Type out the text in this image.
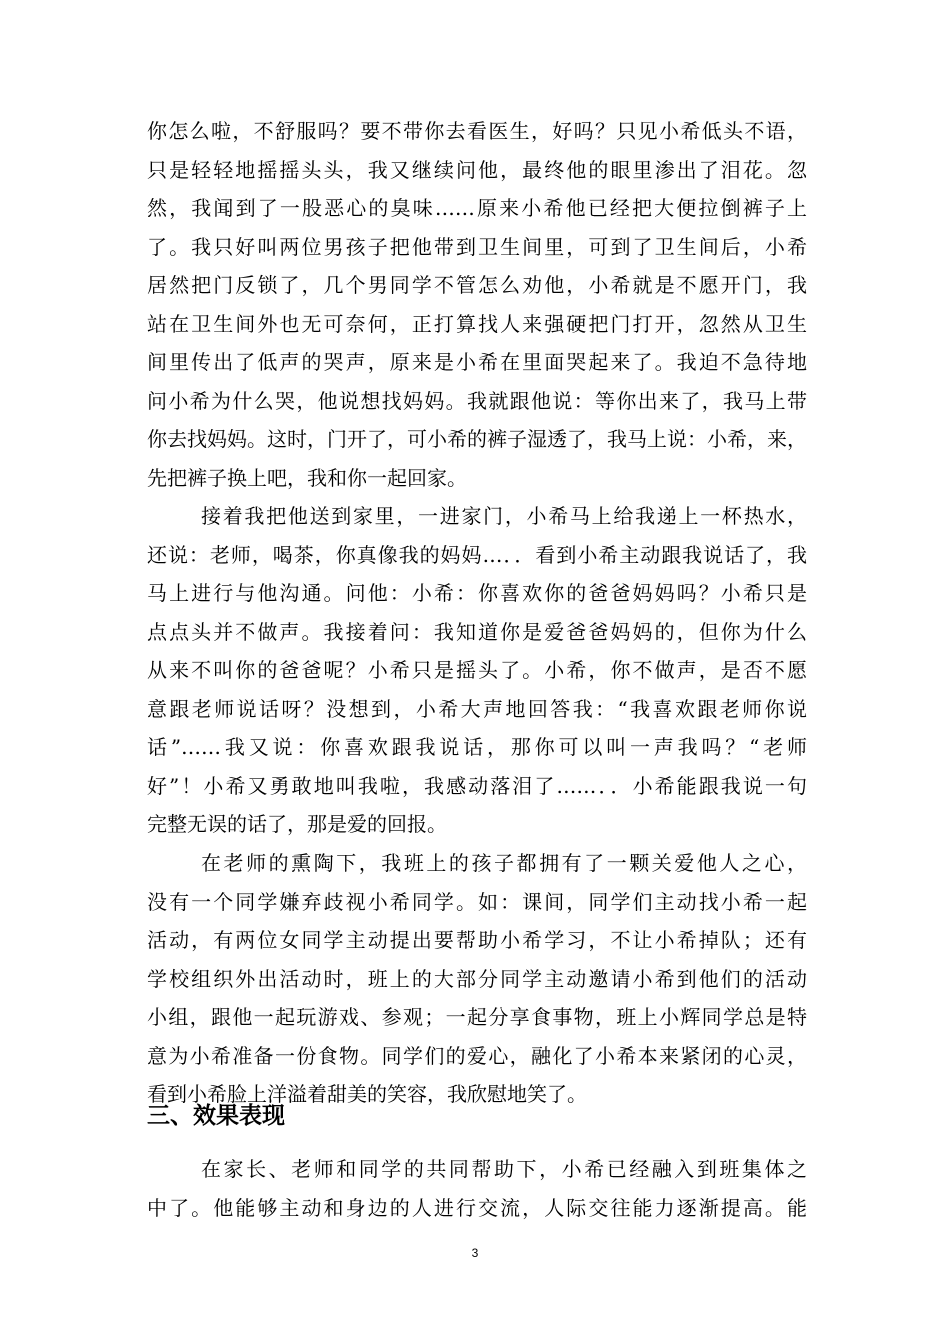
你怎么啦，不舒服吗？要不带你去看医生，好吗？只见小希低头不语，
只是轻轻地摇摇头头，我又继续问他，最终他的眼里渗出了泪花。忽
然，我闻到了一股恶心的臭味……原来小希他已经把大便拉倒裤子上
了。我只好叫两位男孩子把他带到卫生间里，可到了卫生间后，小希
居然把门反锁了，几个男同学不管怎么劝他，小希就是不愿开门，我
站在卫生间外也无可奈何，正打算找人来强硬把门打开，忽然从卫生
间里传出了低声的哭声，原来是小希在里面哭起来了。我迫不急待地
问小希为什么哭，他说想找妈妈。我就跟他说：等你出来了，我马上带
你去找妈妈。这时，门开了，可小希的裤子湿透了，我马上说：小希，来，
先把裤子换上吧，我和你一起回家。
接着我把他送到家里，一进家门，小希马上给我递上一杯热水，
还说：老师，喝茶，你真像我的妈妈…．．看到小希主动跟我说话了，我
马上进行与他沟通。问他：小希：你喜欢你的爸爸妈妈吗？小希只是
点点头并不做声。我接着问：我知道你是爱爸爸妈妈的，但你为什么
从来不叫你的爸爸呢？小希只是摇头了。小希，你不做声，是否不愿
意跟老师说话呀？没想到，小希大声地回答我：“我喜欢跟老师你说
话”……我又说：你喜欢跟我说话，那你可以叫一声我吗？“老师
好”！小希又勇敢地叫我啦，我感动落泪了……．．小希能跟我说一句
完整无误的话了，那是爱的回报。
在老师的熏陶下，我班上的孩子都拥有了一颗关爱他人之心，
没有一个同学嫌弃歧视小希同学。如：课间，同学们主动找小希一起
活动，有两位女同学主动提出要帮助小希学习，不让小希掉队；还有
学校组织外出活动时，班上的大部分同学主动邀请小希到他们的活动
小组，跟他一起玩游戏、参观；一起分享食事物，班上小辉同学总是特
意为小希准备一份食物。同学们的爱心，融化了小希本来紧闭的心灵，
看到小希脸上洋溢着甜美的笑容，我欣慰地笑了。
三、效果表现
在家长、老师和同学的共同帮助下，小希已经融入到班集体之
中了。他能够主动和身边的人进行交流，人际交往能力逐渐提高。能
3
